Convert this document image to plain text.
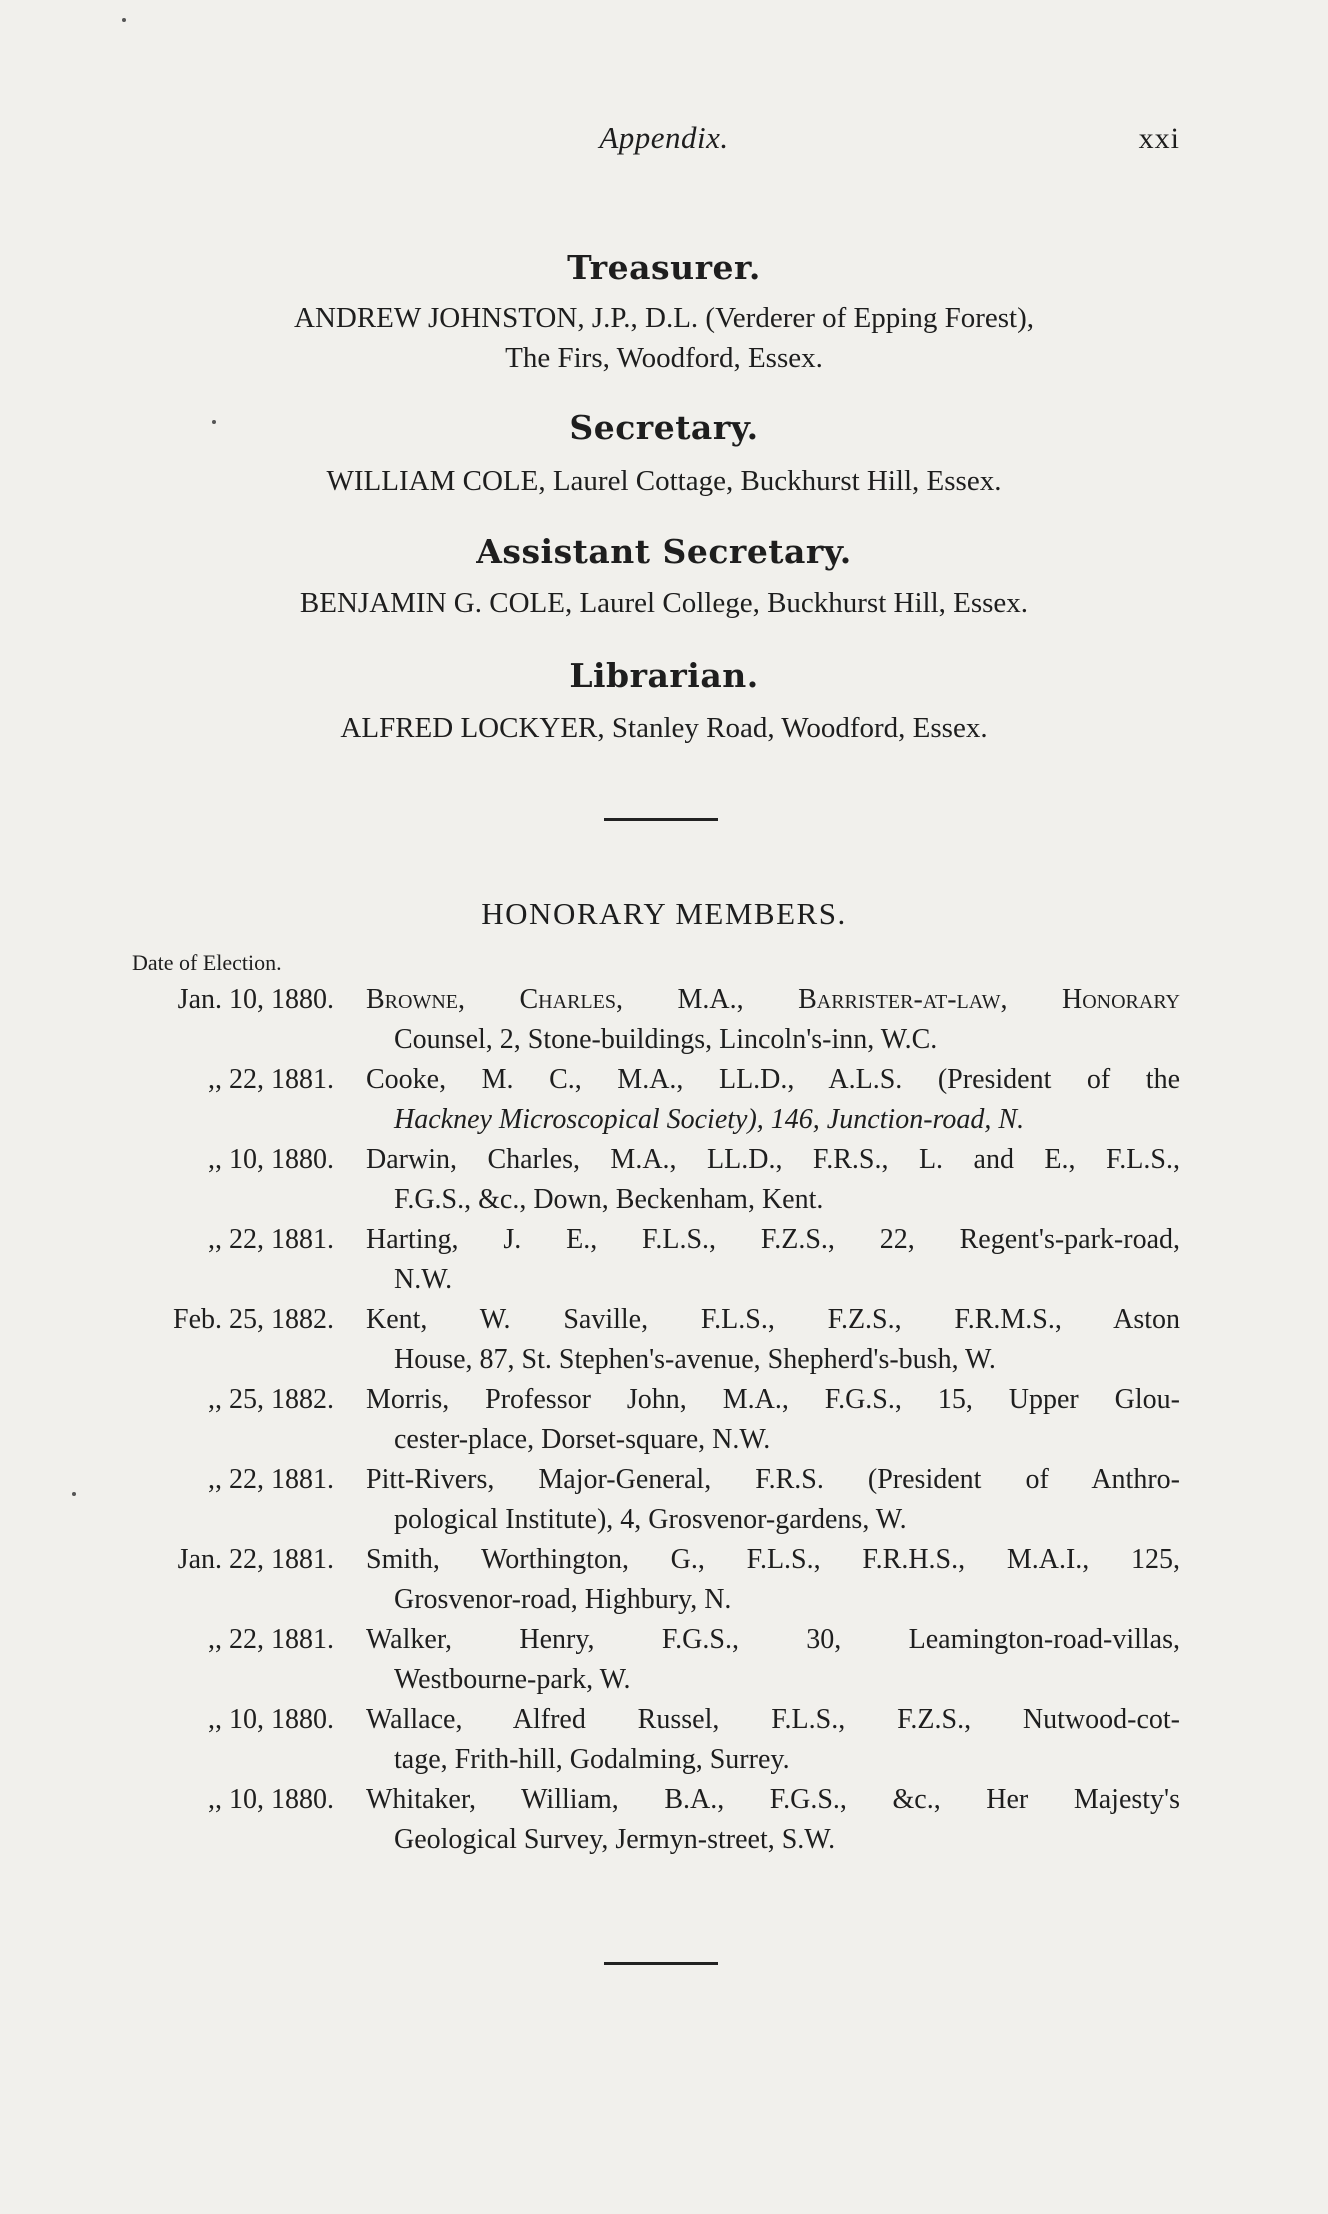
Appendix.	xxi
Treasurer.
ANDREW JOHNSTON, J.P., D.L. (Verderer of Epping Forest),
The Firs, Woodford, Essex.
Secretary.
WILLIAM COLE, Laurel Cottage, Buckhurst Hill, Essex.
Assistant Secretary.
BENJAMIN G. COLE, Laurel College, Buckhurst Hill, Essex.
Librarian.
ALFRED LOCKYER, Stanley Road, Woodford, Essex.
HONORARY MEMBERS.
Date of Election.
Jan. 10, 1880. Browne, Charles, M.A., Barrister-at-law, Honorary
Counsel, 2, Stone-buildings, Lincoln's-inn, W.C.
,, 22, 1881. Cooke, M. C., M.A., LL.D., A.L.S. (President of the
Hackney Microscopical Society), 146, Junction-road, N.
,, 10, 1880. Darwin, Charles, M.A., LL.D., F.R.S., L. and E., F.L.S.,
F.G.S., &c., Down, Beckenham, Kent.
,, 22, 1881. Harting, J. E., F.L.S., F.Z.S., 22, Regent's-park-road,
N.W.
Feb. 25, 1882. Kent, W. Saville, F.L.S., F.Z.S., F.R.M.S., Aston
House, 87, St. Stephen's-avenue, Shepherd's-bush, W.
,, 25, 1882. Morris, Professor John, M.A., F.G.S., 15, Upper Glou-
cester-place, Dorset-square, N.W.
,, 22, 1881. Pitt-Rivers, Major-General, F.R.S. (President of Anthro-
pological Institute), 4, Grosvenor-gardens, W.
Jan. 22, 1881. Smith, Worthington, G., F.L.S., F.R.H.S., M.A.I., 125,
Grosvenor-road, Highbury, N.
,, 22, 1881. Walker, Henry, F.G.S., 30, Leamington-road-villas,
Westbourne-park, W.
,, 10, 1880. Wallace, Alfred Russel, F.L.S., F.Z.S., Nutwood-cot-
tage, Frith-hill, Godalming, Surrey.
,, 10, 1880. Whitaker, William, B.A., F.G.S., &c., Her Majesty's
Geological Survey, Jermyn-street, S.W.
